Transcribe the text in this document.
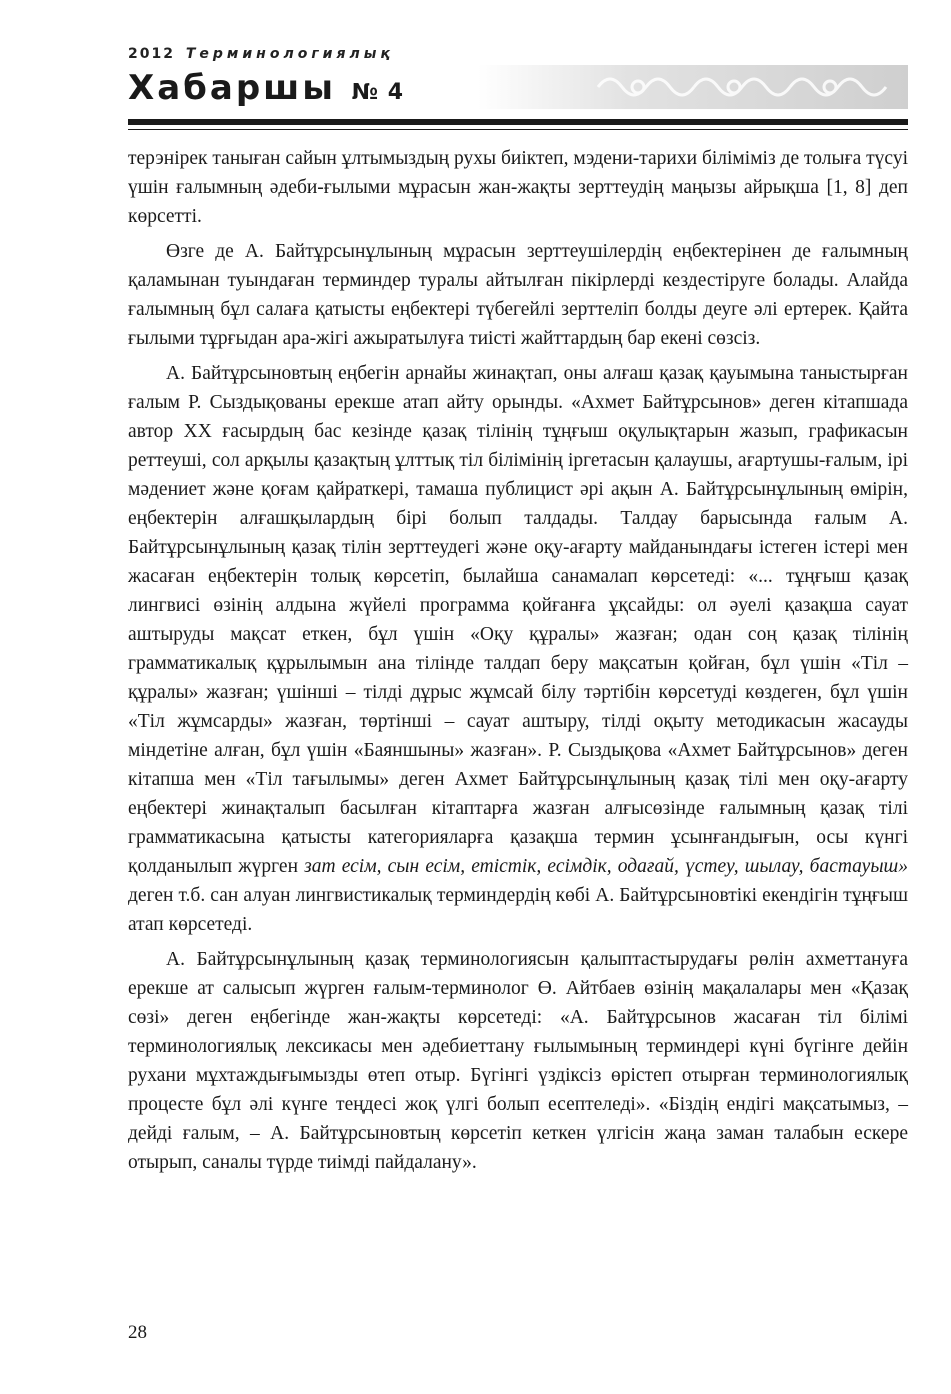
2012 Терминологиялық
Хабаршы № 4

терэнірек таныған сайын ұлтымыздың рухы биіктеп, мэдени-тарихи біліміміз де толыға түсуі үшін ғалымның әдеби-ғылыми мұрасын жан-жақты зерттеудің маңызы айрықша [1, 8] деп көрсетті.

Өзге де А. Байтұрсынұлының мұрасын зерттеушілердің еңбектерінен де ғалымның қаламынан туындаған терминдер туралы айтылған пікірлерді кездестіруге болады. Алайда ғалымның бұл салаға қатысты еңбектері түбегейлі зерттеліп болды деуге әлі ертерек. Қайта ғылыми тұрғыдан ара-жігі ажыратылуға тиісті жайттардың бар екені сөзсіз.

А. Байтұрсыновтың еңбегін арнайы жинақтап, оны алғаш қазақ қауымына таныстырған ғалым Р. Сыздықованы ерекше атап айту орынды. «Ахмет Байтұрсынов» деген кітапшада автор XX ғасырдың бас кезінде қазақ тілінің тұңғыш оқулықтарын жазып, графикасын реттеуші, сол арқылы қазақтың ұлттық тіл білімінің іргетасын қалаушы, ағартушы-ғалым, ірі мәдениет және қоғам қайраткері, тамаша публицист әрі ақын А. Байтұрсынұлының өмірін, еңбектерін алғашқылардың бірі болып талдады. Талдау барысында ғалым А. Байтұрсынұлының қазақ тілін зерттеудегі және оқу-ағарту майданындағы істеген істері мен жасаған еңбектерін толық көрсетіп, былайша санамалап көрсетеді: «... тұңғыш қазақ лингвисі өзінің алдына жүйелі программа қойғанға ұқсайды: ол әуелі қазақша сауат аштыруды мақсат еткен, бұл үшін «Оқу құралы» жазған; одан соң қазақ тілінің грамматикалық құрылымын ана тілінде талдап беру мақсатын қойған, бұл үшін «Тіл – құралы» жазған; үшінші – тілді дұрыс жұмсай білу тәртібін көрсетуді көздеген, бұл үшін «Тіл жұмсарды» жазған, төртінші – сауат аштыру, тілді оқыту методикасын жасауды міндетіне алған, бұл үшін «Баяншыны» жазған». Р. Сыздықова «Ахмет Байтұрсынов» деген кітапша мен «Тіл тағылымы» деген Ахмет Байтұрсынұлының қазақ тілі мен оқу-ағарту еңбектері жинақталып басылған кітаптарға жазған алғысөзінде ғалымның қазақ тілі грамматикасына қатысты категорияларға қазақша термин ұсынғандығын, осы күнгі қолданылып жүрген зат есім, сын есім, етістік, есімдік, одағай, үстеу, шылау, бастауыш» деген т.б. сан алуан лингвистикалық терминдердің көбі А. Байтұрсыновтікі екендігін тұңғыш атап көрсетеді.

А. Байтұрсынұлының қазақ терминологиясын қалыптастырудағы рөлін ахметтануға ерекше ат салысып жүрген ғалым-терминолог Ө. Айтбаев өзінің мақалалары мен «Қазақ сөзі» деген еңбегінде жан-жақты көрсетеді: «А. Байтұрсынов жасаған тіл білімі терминологиялық лексикасы мен әдебиеттану ғылымының терминдері күні бүгінге дейін рухани мұхтаждығымызды өтеп отыр. Бүгінгі үздіксіз өрістеп отырған терминологиялық процесте бұл әлі күнге теңдесі жоқ үлгі болып есептеледі». «Біздің ендігі мақсатымыз, – дейді ғалым, – А. Байтұрсыновтың көрсетіп кеткен үлгісін жаңа заман талабын ескере отырып, саналы түрде тиімді пайдалану».

28
